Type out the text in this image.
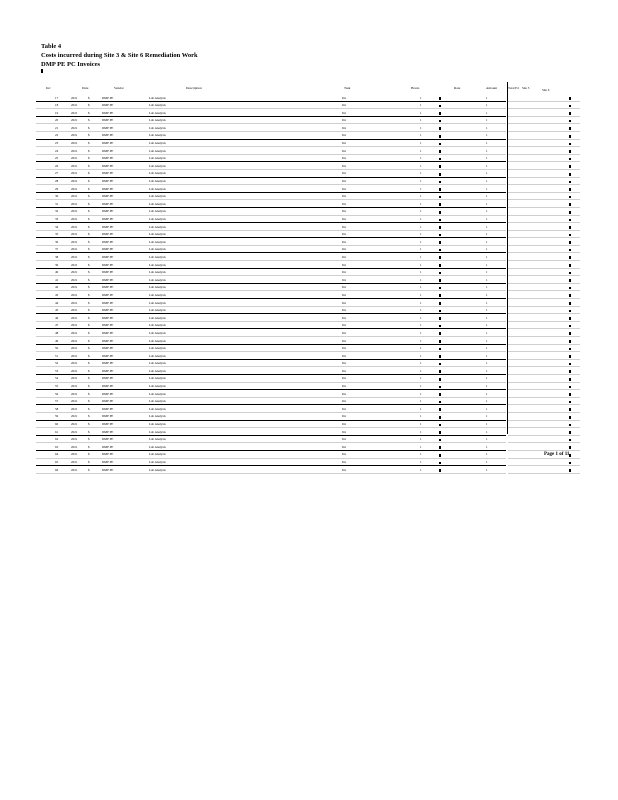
Table 4
Costs incurred during Site 3 & Site 6 Remediation Work
DMP PE PC Invoices
Inv	Date	Vendor	Description	Task	Hours	Rate	Amount
17	2021	$	DMP PE	Lab Analysis	Inv	1	1
18	2021	$	DMP PE	Lab Analysis	Inv	1	1
19	2021	$	DMP PE	Lab Analysis	Inv	1	1
20	2021	$	DMP PE	Lab Analysis	Inv	1	1
21	2021	$	DMP PE	Lab Analysis	Inv	1	1
22	2021	$	DMP PE	Lab Analysis	Inv	1	1
23	2021	$	DMP PE	Lab Analysis	Inv	1	1
24	2021	$	DMP PE	Lab Analysis	Inv	1	1
25	2021	$	DMP PE	Lab Analysis	Inv	1	1
26	2021	$	DMP PE	Lab Analysis	Inv	1	1
27	2021	$	DMP PE	Lab Analysis	Inv	1	1
28	2021	$	DMP PE	Lab Analysis	Inv	1	1
29	2021	$	DMP PE	Lab Analysis	Inv	1	1
30	2021	$	DMP PE	Lab Analysis	Inv	1	1
31	2021	$	DMP PE	Lab Analysis	Inv	1	1
32	2021	$	DMP PE	Lab Analysis	Inv	1	1
33	2021	$	DMP PE	Lab Analysis	Inv	1	1
34	2021	$	DMP PE	Lab Analysis	Inv	1	1
35	2021	$	DMP PE	Lab Analysis	Inv	1	1
36	2021	$	DMP PE	Lab Analysis	Inv	1	1
37	2021	$	DMP PE	Lab Analysis	Inv	1	1
38	2021	$	DMP PE	Lab Analysis	Inv	1	1
39	2021	$	DMP PE	Lab Analysis	Inv	1	1
40	2021	$	DMP PE	Lab Analysis	Inv	1	1
41	2021	$	DMP PE	Lab Analysis	Inv	1	1
42	2021	$	DMP PE	Lab Analysis	Inv	1	1
43	2021	$	DMP PE	Lab Analysis	Inv	1	1
44	2021	$	DMP PE	Lab Analysis	Inv	1	1
45	2021	$	DMP PE	Lab Analysis	Inv	1	1
46	2021	$	DMP PE	Lab Analysis	Inv	1	1
47	2021	$	DMP PE	Lab Analysis	Inv	1	1
48	2021	$	DMP PE	Lab Analysis	Inv	1	1
49	2021	$	DMP PE	Lab Analysis	Inv	1	1
50	2021	$	DMP PE	Lab Analysis	Inv	1	1
51	2021	$	DMP PE	Lab Analysis	Inv	1	1
52	2021	$	DMP PE	Lab Analysis	Inv	1	1
53	2021	$	DMP PE	Lab Analysis	Inv	1	1
54	2021	$	DMP PE	Lab Analysis	Inv	1	1
55	2021	$	DMP PE	Lab Analysis	Inv	1	1
56	2021	$	DMP PE	Lab Analysis	Inv	1	1
57	2021	$	DMP PE	Lab Analysis	Inv	1	1
58	2021	$	DMP PE	Lab Analysis	Inv	1	1
59	2021	$	DMP PE	Lab Analysis	Inv	1	1
60	2021	$	DMP PE	Lab Analysis	Inv	1	1
61	2021	$	DMP PE	Lab Analysis	Inv	1	1
62	2021	$	DMP PE	Lab Analysis	Inv	1	1
63	2021	$	DMP PE	Lab Analysis	Inv	1	1
64	2021	$	DMP PE	Lab Analysis	Inv	1	1
65	2021	$	DMP PE	Lab Analysis	Inv	1	1
66	2021	$	DMP PE	Lab Analysis	Inv	1	1
Total Pd Site 3	Site 6
Page 1 of 11
